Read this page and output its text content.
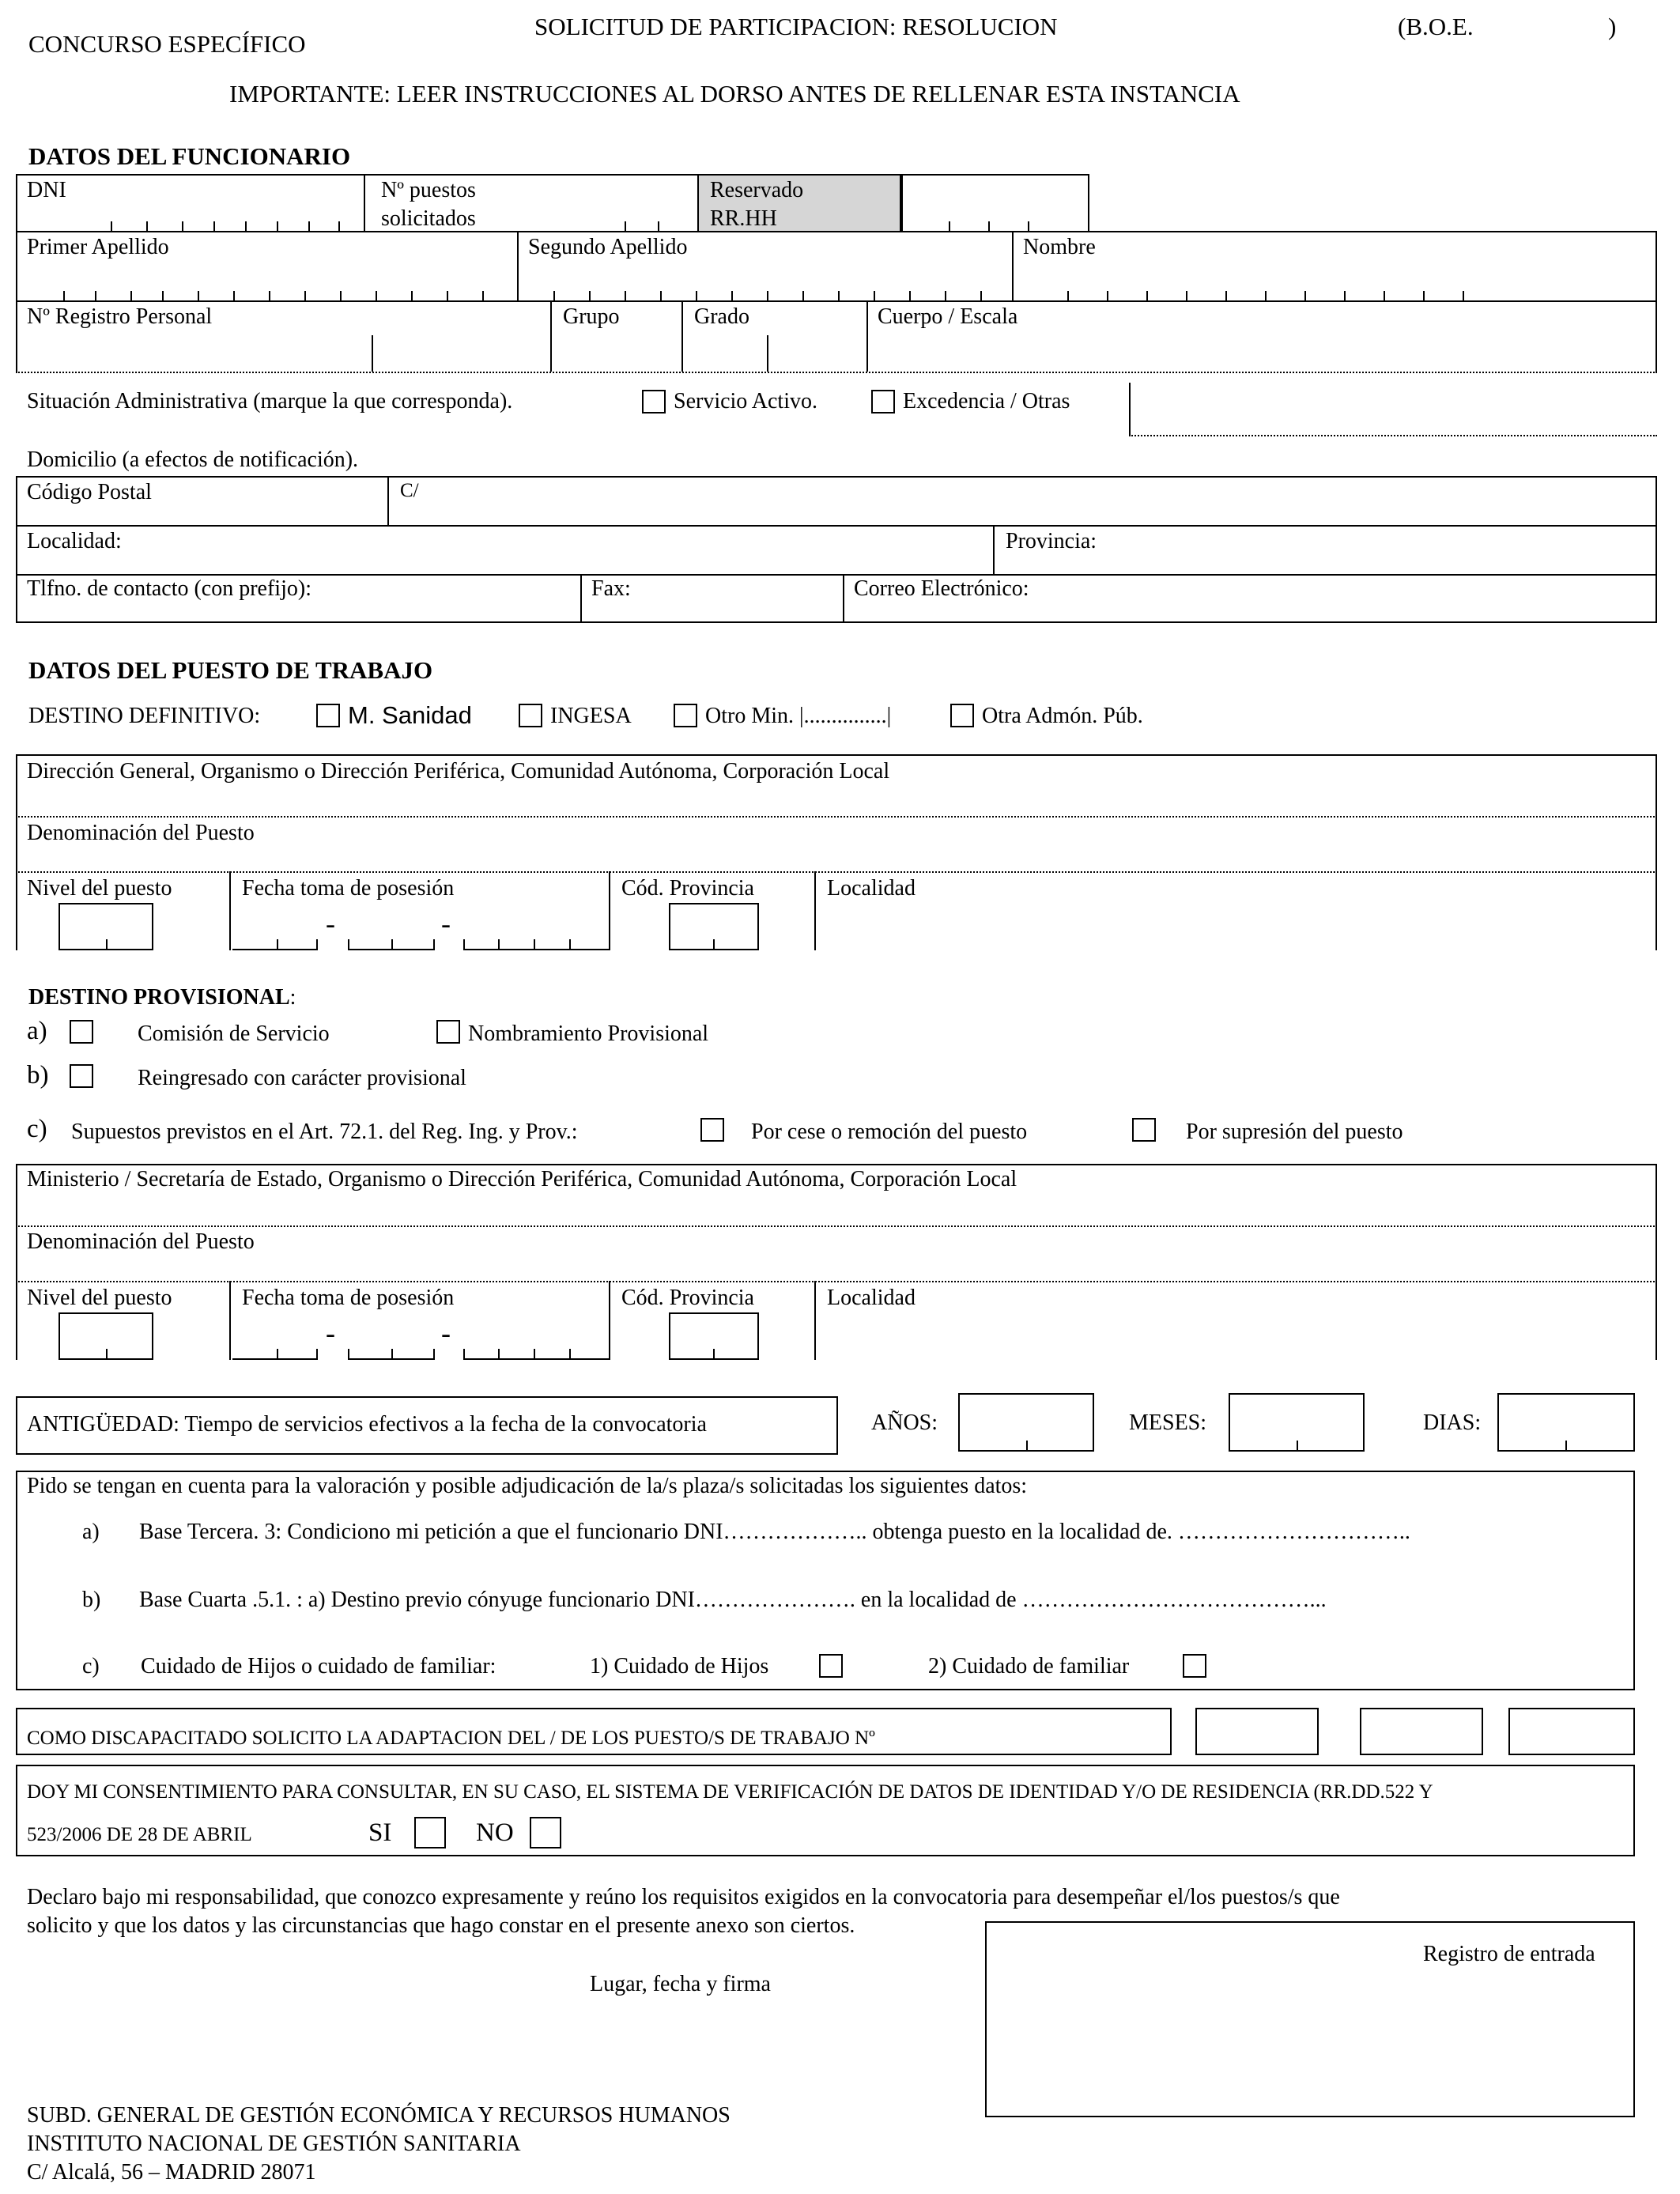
CONCURSO ESPECÍFICO
SOLICITUD DE PARTICIPACION: RESOLUCION	(B.O.E.	)
IMPORTANTE: LEER INSTRUCCIONES AL DORSO ANTES DE RELLENAR ESTA INSTANCIA
DATOS DEL FUNCIONARIO
DNI	Nº puestos
solicitados
Reservado
RR.HH
Primer Apellido	Segundo Apellido	Nombre
Nº Registro Personal	Grupo	Grado	Cuerpo / Escala
Situación Administrativa (marque la que corresponda).	Servicio Activo.	Excedencia / Otras
Domicilio (a efectos de notificación).
Código Postal	C/
Localidad:	Provincia:
Tlfno. de contacto (con prefijo):	Fax:	Correo Electrónico:
DATOS DEL PUESTO DE TRABAJO
DESTINO DEFINITIVO:	M. Sanidad	INGESA	Otro Min. |...............|	Otra Admón. Púb.
Dirección General, Organismo o Dirección Periférica, Comunidad Autónoma, Corporación Local
Denominación del Puesto
Nivel del puesto	Fecha toma de posesión	Cód. Provincia	Localidad
-	-
DESTINO PROVISIONAL:
a)	Comisión de Servicio	Nombramiento Provisional
b)	Reingresado con carácter provisional
c) Supuestos previstos en el Art. 72.1. del Reg. Ing. y Prov.:	Por cese o remoción del puesto	Por supresión del puesto
Ministerio / Secretaría de Estado, Organismo o Dirección Periférica, Comunidad Autónoma, Corporación Local
Denominación del Puesto
Nivel del puesto	Fecha toma de posesión	Cód. Provincia	Localidad
-	-
ANTIGÜEDAD: Tiempo de servicios efectivos a la fecha de la convocatoria	AÑOS:	MESES:	DIAS:
Pido se tengan en cuenta para la valoración y posible adjudicación de la/s plaza/s solicitadas los siguientes datos:
a) Base Tercera. 3: Condiciono mi petición a que el funcionario DNI……………….. obtenga puesto en la localidad de. …………………………..
b) Base Cuarta .5.1. : a) Destino previo cónyuge funcionario DNI…………………. en la localidad de …………………………………...
c) Cuidado de Hijos o cuidado de familiar:	1) Cuidado de Hijos	2) Cuidado de familiar
COMO DISCAPACITADO SOLICITO LA ADAPTACION DEL / DE LOS PUESTO/S DE TRABAJO Nº
DOY MI CONSENTIMIENTO PARA CONSULTAR, EN SU CASO, EL SISTEMA DE VERIFICACIÓN DE DATOS DE IDENTIDAD Y/O DE RESIDENCIA (RR.DD.522 Y
523/2006 DE 28 DE ABRIL	SI	NO
Declaro bajo mi responsabilidad, que conozco expresamente y reúno los requisitos exigidos en la convocatoria para desempeñar el/los puestos/s que
solicito y que los datos y las circunstancias que hago constar en el presente anexo son ciertos.
Lugar, fecha y firma
Registro de entrada
SUBD. GENERAL DE GESTIÓN ECONÓMICA Y RECURSOS HUMANOS
INSTITUTO NACIONAL DE GESTIÓN SANITARIA
C/ Alcalá, 56 – MADRID 28071
